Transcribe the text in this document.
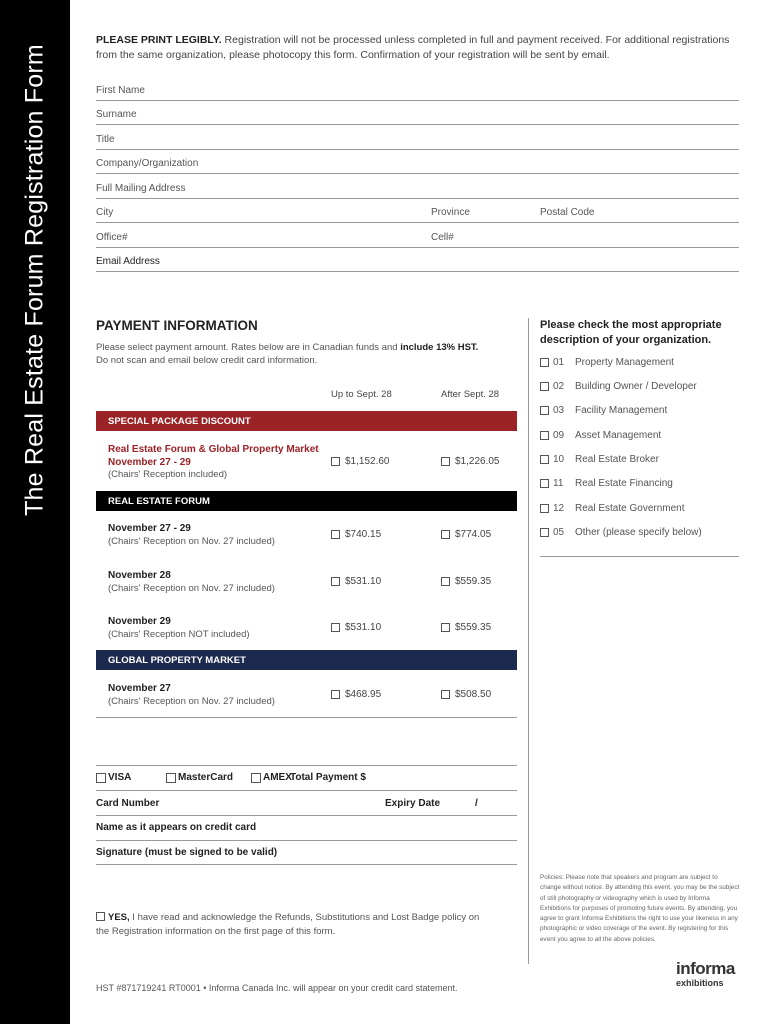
The Real Estate Forum Registration Form
PLEASE PRINT LEGIBLY. Registration will not be processed unless completed in full and payment received. For additional registrations from the same organization, please photocopy this form. Confirmation of your registration will be sent by email.
First Name
Surname
Title
Company/Organization
Full Mailing Address
City	Province	Postal Code
Office#	Cell#
Email Address
PAYMENT INFORMATION
Please select payment amount. Rates below are in Canadian funds and include 13% HST.
Do not scan and email below credit card information.
Up to Sept. 28	After Sept. 28
SPECIAL PACKAGE DISCOUNT
Real Estate Forum & Global Property Market
November 27 - 29
(Chairs' Reception included)
$1,152.60	$1,226.05
REAL ESTATE FORUM
November 27 - 29
(Chairs' Reception on Nov. 27 included)
$740.15	$774.05
November 28
(Chairs' Reception on Nov. 27 included)
$531.10	$559.35
November 29
(Chairs' Reception NOT included)
$531.10	$559.35
GLOBAL PROPERTY MARKET
November 27
(Chairs' Reception on Nov. 27 included)
$468.95	$508.50
Please check the most appropriate description of your organization.
01	Property Management
02	Building Owner / Developer
03	Facility Management
09	Asset Management
10	Real Estate Broker
11	Real Estate Financing
12	Real Estate Government
05	Other (please specify below)
VISA	MasterCard	AMEX
Total Payment $
Card Number	Expiry Date	/
Name as it appears on credit card
Signature (must be signed to be valid)
Policies: Please note that speakers and program are subject to change without notice. By attending this event, you may be the subject of still photography or videography which is used by Informa Exhibitions for purposes of promoting future events. By attending, you agree to grant Informa Exhibitions the right to use your likeness in any photographic or video coverage of the event. By registering for this event you agree to all the above policies.
YES, I have read and acknowledge the Refunds, Substitutions and Lost Badge policy on the Registration information on the first page of this form.
HST #871719241 RT0001 • Informa Canada Inc. will appear on your credit card statement.
informa
exhibitions
